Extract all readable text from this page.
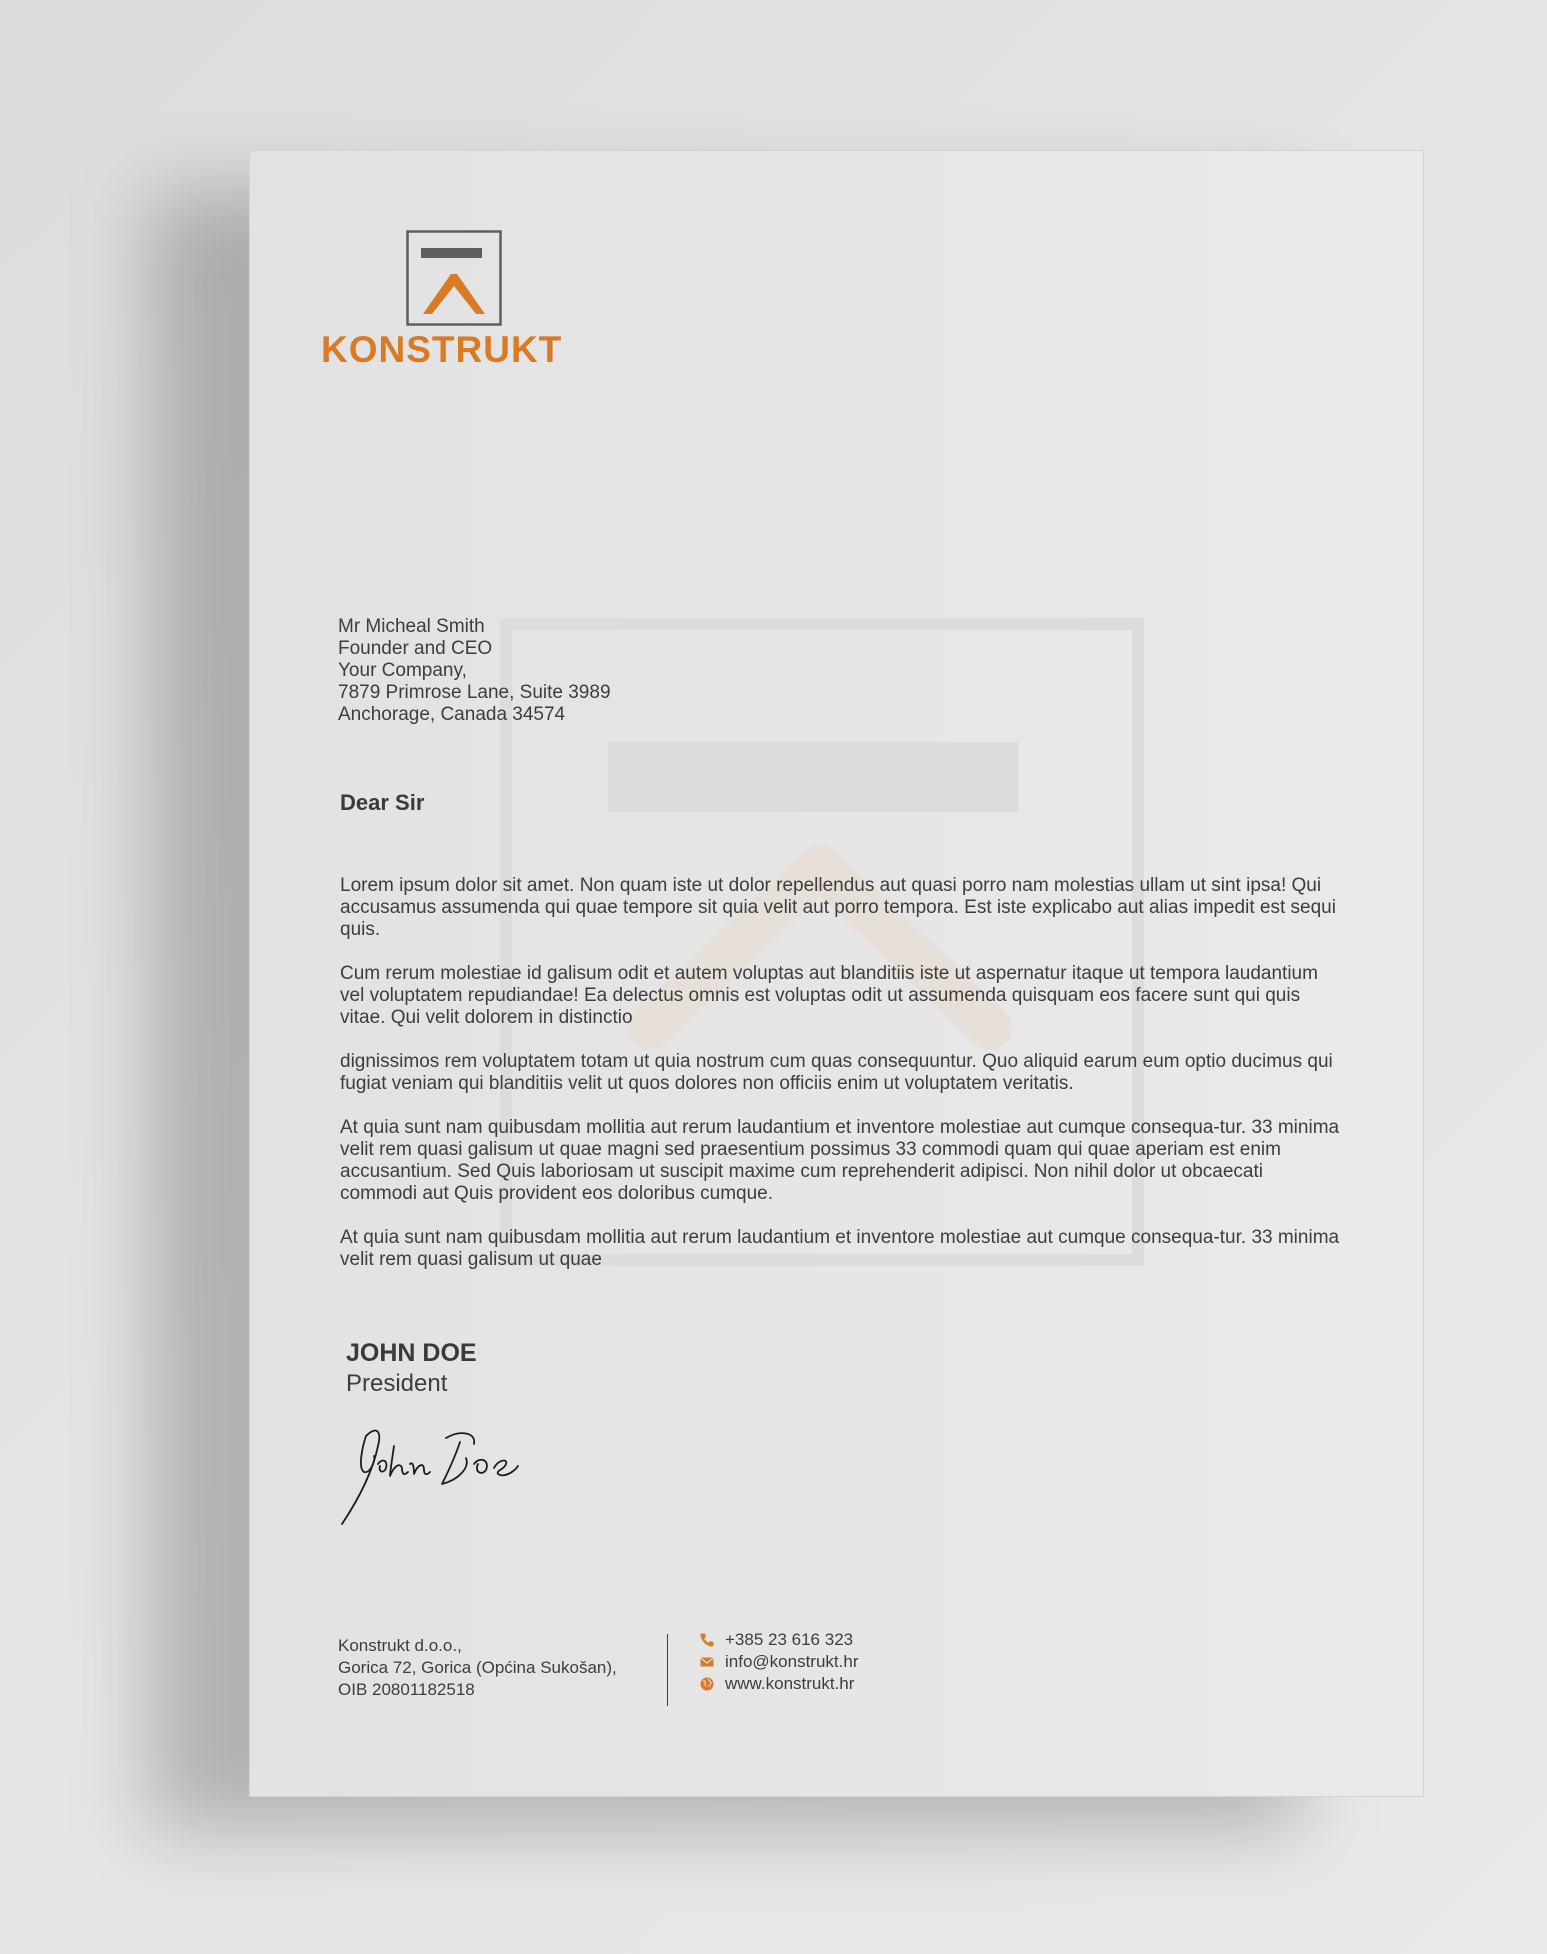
KONSTRUKT
Mr Micheal Smith
Founder and CEO
Your Company,
7879 Primrose Lane, Suite 3989
Anchorage, Canada 34574
Dear Sir

Lorem ipsum dolor sit amet. Non quam iste ut dolor repellendus aut quasi porro nam molestias ullam ut sint ipsa! Qui accusamus assumenda qui quae tempore sit quia velit aut porro tempora. Est iste explicabo aut alias impedit est sequi quis.

Cum rerum molestiae id galisum odit et autem voluptas aut blanditiis iste ut aspernatur itaque ut tempora laudantium vel voluptatem repudiandae! Ea delectus omnis est voluptas odit ut assumenda quisquam eos facere sunt qui quis vitae. Qui velit dolorem in distinctio

dignissimos rem voluptatem totam ut quia nostrum cum quas consequuntur. Quo aliquid earum eum optio ducimus qui fugiat veniam qui blanditiis velit ut quos dolores non officiis enim ut voluptatem veritatis.

At quia sunt nam quibusdam mollitia aut rerum laudantium et inventore molestiae aut cumque consequa-tur. 33 minima velit rem quasi galisum ut quae magni sed praesentium possimus 33 commodi quam qui quae aperiam est enim accusantium. Sed Quis laboriosam ut suscipit maxime cum reprehenderit adipisci. Non nihil dolor ut obcaecati commodi aut Quis provident eos doloribus cumque.

At quia sunt nam quibusdam mollitia aut rerum laudantium et inventore molestiae aut cumque consequa-tur. 33 minima velit rem quasi galisum ut quae

JOHN DOE
President
Konstrukt d.o.o.,
Gorica 72, Gorica (Općina Sukošan),
OIB 20801182518
+385 23 616 323
info@konstrukt.hr
www.konstrukt.hr
